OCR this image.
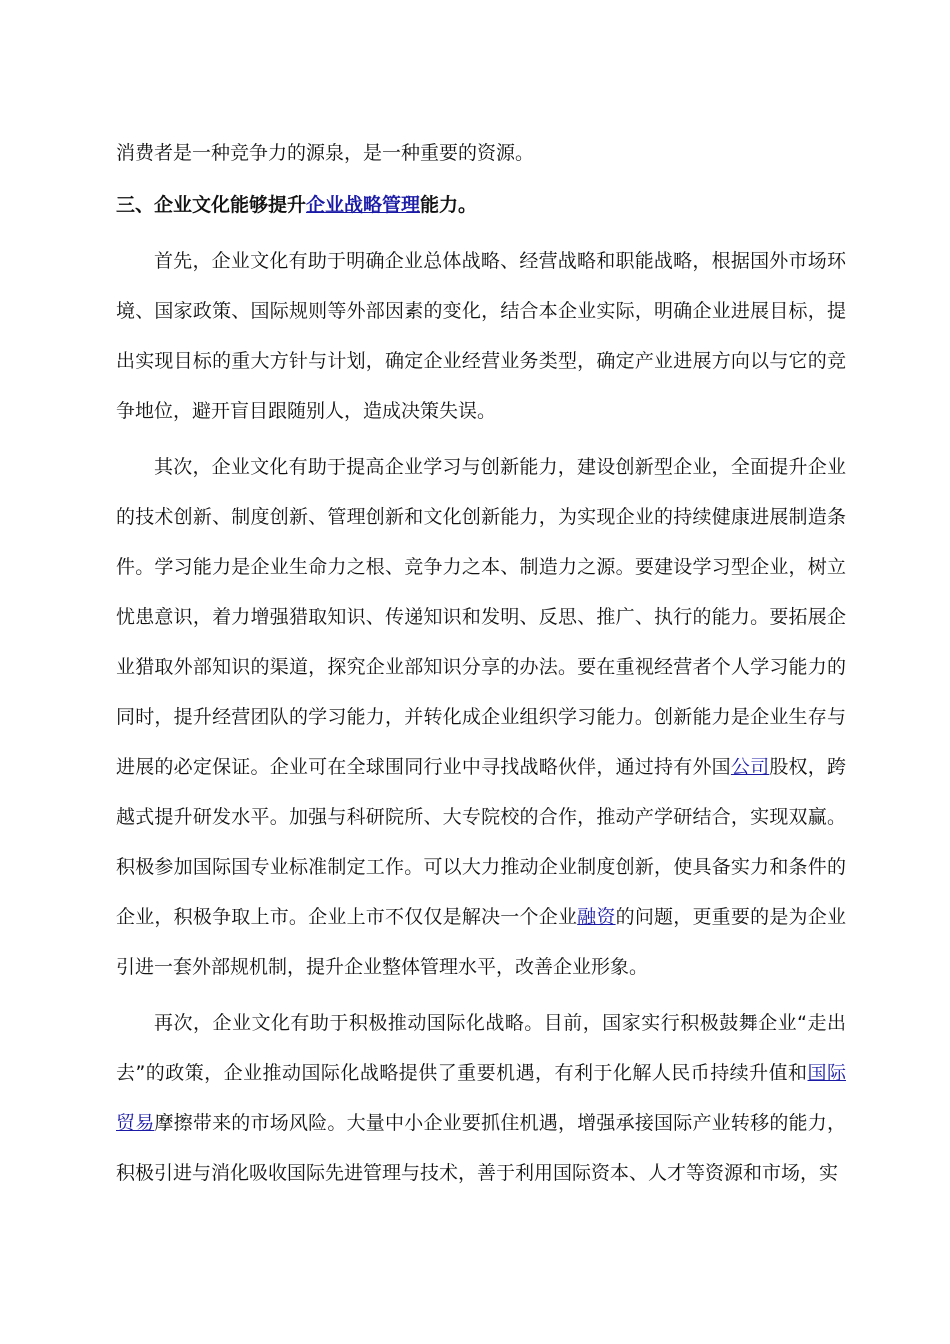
消费者是一种竞争力的源泉，是一种重要的资源。

三、企业文化能够提升企业战略管理能力。

首先，企业文化有助于明确企业总体战略、经营战略和职能战略，根据国外市场环境、国家政策、国际规则等外部因素的变化，结合本企业实际，明确企业进展目标，提出实现目标的重大方针与计划，确定企业经营业务类型，确定产业进展方向以与它的竞争地位，避开盲目跟随别人，造成决策失误。

其次，企业文化有助于提高企业学习与创新能力，建设创新型企业，全面提升企业的技术创新、制度创新、管理创新和文化创新能力，为实现企业的持续健康进展制造条件。学习能力是企业生命力之根、竞争力之本、制造力之源。要建设学习型企业，树立忧患意识，着力增强猎取知识、传递知识和发明、反思、推广、执行的能力。要拓展企业猎取外部知识的渠道，探究企业部知识分享的办法。要在重视经营者个人学习能力的同时，提升经营团队的学习能力，并转化成企业组织学习能力。创新能力是企业生存与进展的必定保证。企业可在全球围同行业中寻找战略伙伴，通过持有外国公司股权，跨越式提升研发水平。加强与科研院所、大专院校的合作，推动产学研结合，实现双赢。积极参加国际国专业标准制定工作。可以大力推动企业制度创新，使具备实力和条件的企业，积极争取上市。企业上市不仅仅是解决一个企业融资的问题，更重要的是为企业引进一套外部规机制，提升企业整体管理水平，改善企业形象。

再次，企业文化有助于积极推动国际化战略。目前，国家实行积极鼓舞企业“走出去”的政策，企业推动国际化战略提供了重要机遇，有利于化解人民币持续升值和国际贸易摩擦带来的市场风险。大量中小企业要抓住机遇，增强承接国际产业转移的能力，积极引进与消化吸收国际先进管理与技术，善于利用国际资本、人才等资源和市场，实
